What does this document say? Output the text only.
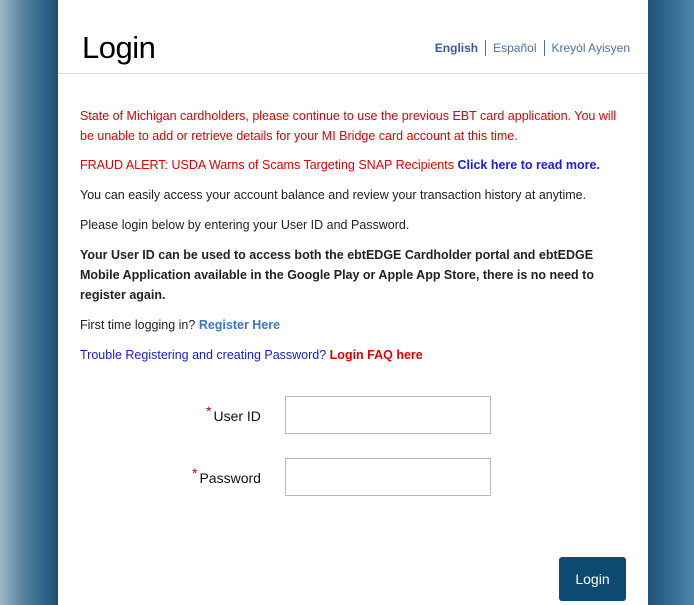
Login	English	Español	Kreyòl Ayisyen
State of Michigan cardholders, please continue to use the previous EBT card application. You will be unable to add or retrieve details for your MI Bridge card account at this time.
FRAUD ALERT: USDA Warns of Scams Targeting SNAP Recipients Click here to read more.
You can easily access your account balance and review your transaction history at anytime.
Please login below by entering your User ID and Password.
Your User ID can be used to access both the ebtEDGE Cardholder portal and ebtEDGE Mobile Application available in the Google Play or Apple App Store, there is no need to register again.
First time logging in? Register Here
Trouble Registering and creating Password? Login FAQ here
* User ID
* Password
Login
